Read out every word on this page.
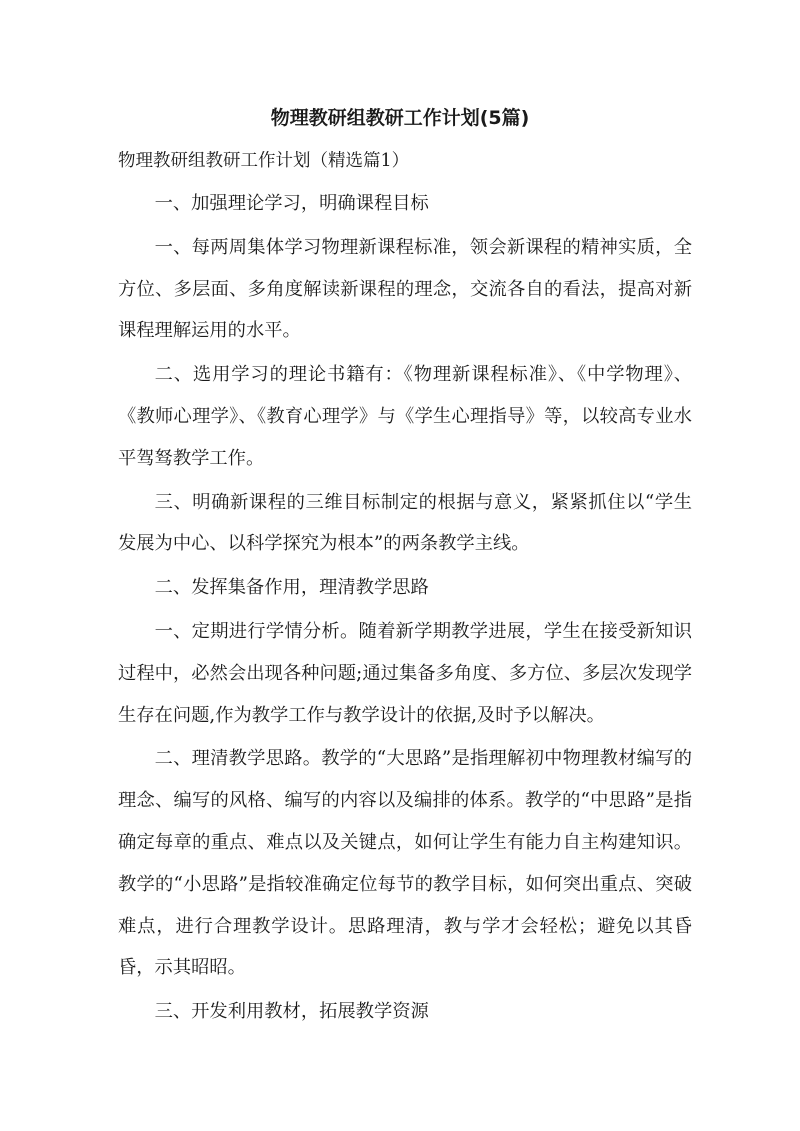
物理教研组教研工作计划(5篇)

物理教研组教研工作计划（精选篇1）

一、加强理论学习，明确课程目标

一、每两周集体学习物理新课程标准，领会新课程的精神实质，全方位、多层面、多角度解读新课程的理念，交流各自的看法，提高对新课程理解运用的水平。

二、选用学习的理论书籍有：《物理新课程标准》、《中学物理》、《教师心理学》、《教育心理学》与《学生心理指导》等，以较高专业水平驾驽教学工作。

三、明确新课程的三维目标制定的根据与意义，紧紧抓住以“学生发展为中心、以科学探究为根本”的两条教学主线。

二、发挥集备作用，理清教学思路

一、定期进行学情分析。随着新学期教学进展，学生在接受新知识过程中，必然会出现各种问题;通过集备多角度、多方位、多层次发现学生存在问题,作为教学工作与教学设计的依据,及时予以解决。

二、理清教学思路。教学的“大思路”是指理解初中物理教材编写的理念、编写的风格、编写的内容以及编排的体系。教学的“中思路”是指确定每章的重点、难点以及关键点，如何让学生有能力自主构建知识。教学的“小思路”是指较准确定位每节的教学目标，如何突出重点、突破难点，进行合理教学设计。思路理清，教与学才会轻松；避免以其昏昏，示其昭昭。

三、开发利用教材，拓展教学资源
